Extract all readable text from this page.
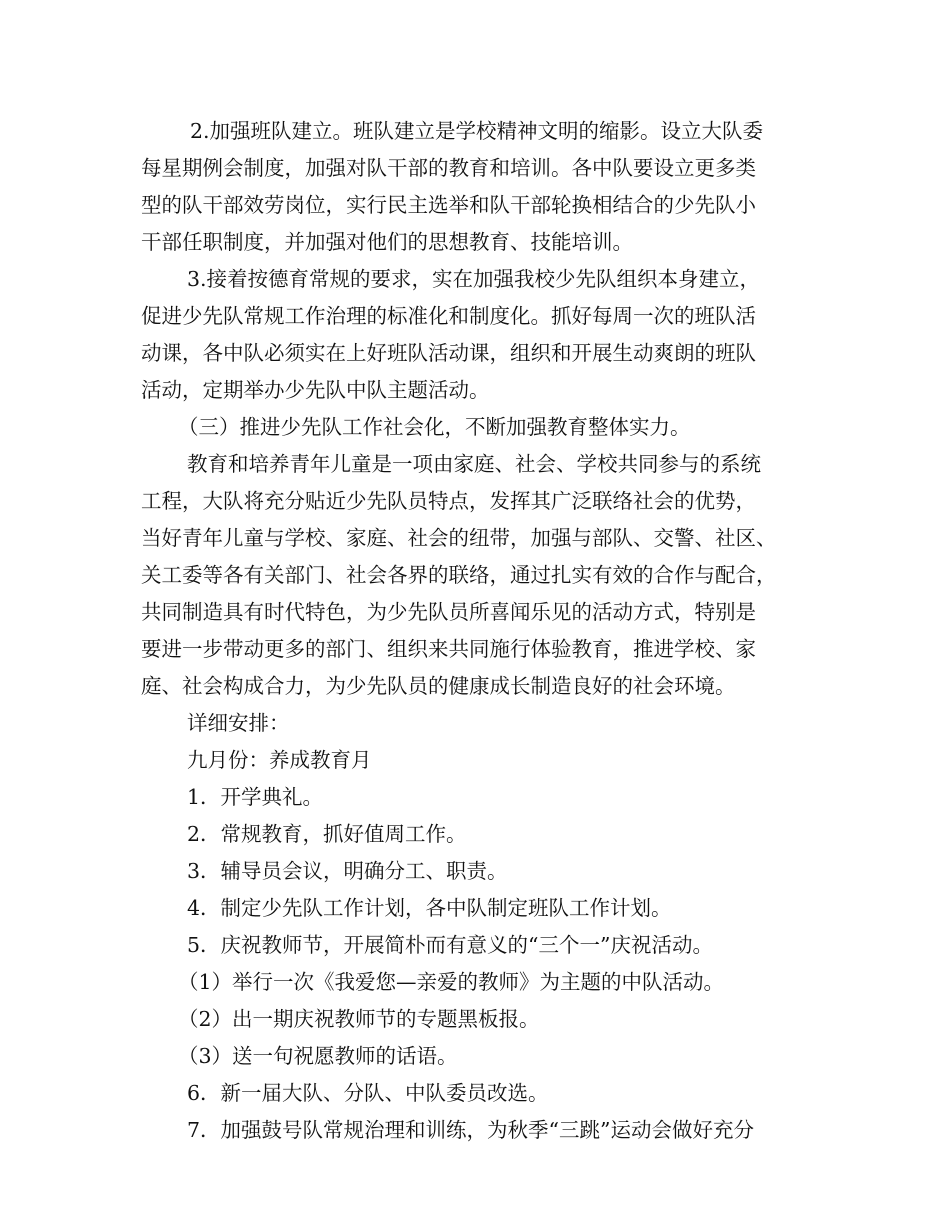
2.加强班队建立。班队建立是学校精神文明的缩影。设立大队委
每星期例会制度，加强对队干部的教育和培训。各中队要设立更多类
型的队干部效劳岗位，实行民主选举和队干部轮换相结合的少先队小
干部任职制度，并加强对他们的思想教育、技能培训。
3.接着按德育常规的要求，实在加强我校少先队组织本身建立，
促进少先队常规工作治理的标准化和制度化。抓好每周一次的班队活
动课，各中队必须实在上好班队活动课，组织和开展生动爽朗的班队
活动，定期举办少先队中队主题活动。
（三）推进少先队工作社会化，不断加强教育整体实力。
教育和培养青年儿童是一项由家庭、社会、学校共同参与的系统
工程，大队将充分贴近少先队员特点，发挥其广泛联络社会的优势，
当好青年儿童与学校、家庭、社会的纽带，加强与部队、交警、社区、
关工委等各有关部门、社会各界的联络，通过扎实有效的合作与配合，
共同制造具有时代特色，为少先队员所喜闻乐见的活动方式，特别是
要进一步带动更多的部门、组织来共同施行体验教育，推进学校、家
庭、社会构成合力，为少先队员的健康成长制造良好的社会环境。
详细安排：
九月份：养成教育月
1．开学典礼。
2．常规教育，抓好值周工作。
3．辅导员会议，明确分工、职责。
4．制定少先队工作计划，各中队制定班队工作计划。
5．庆祝教师节，开展简朴而有意义的“三个一”庆祝活动。
（1）举行一次《我爱您—亲爱的教师》为主题的中队活动。
（2）出一期庆祝教师节的专题黑板报。
（3）送一句祝愿教师的话语。
6．新一届大队、分队、中队委员改选。
7．加强鼓号队常规治理和训练，为秋季“三跳”运动会做好充分
